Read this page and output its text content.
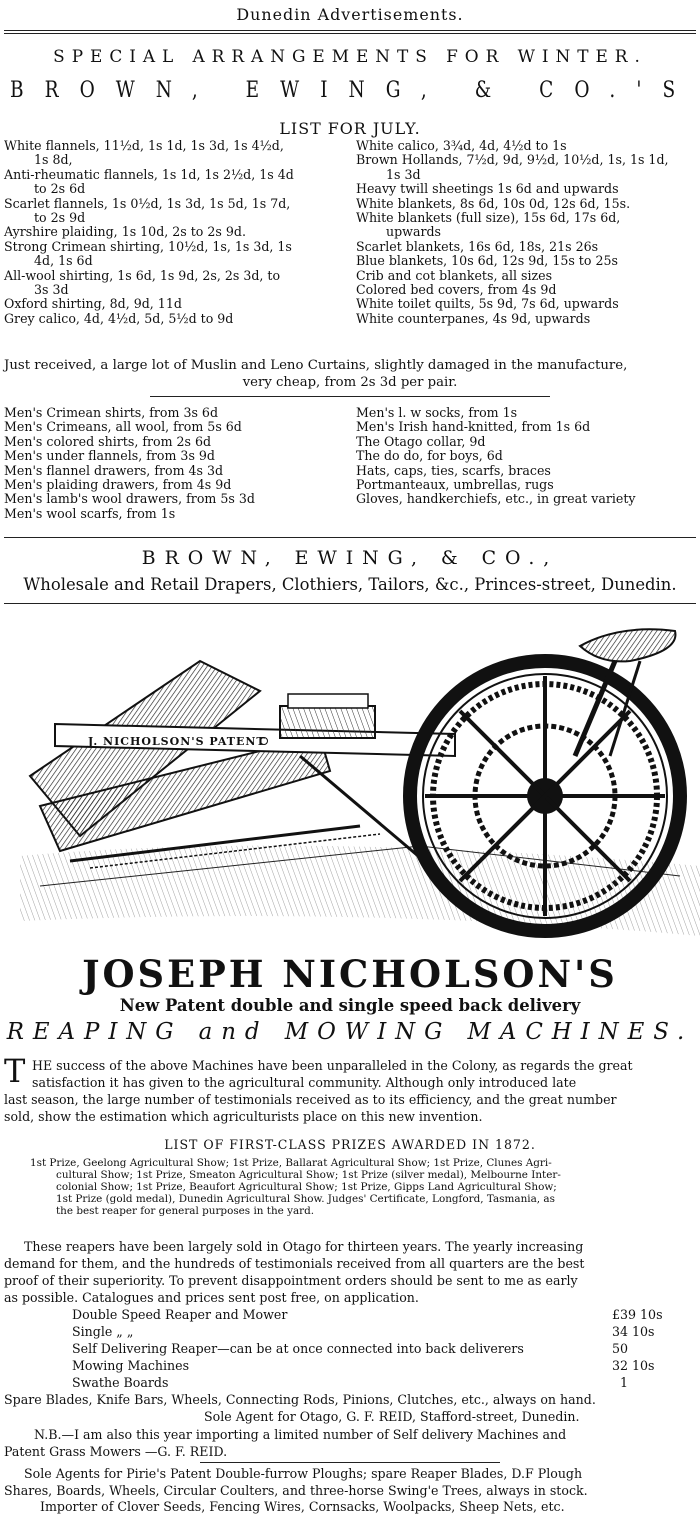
Dunedin Advertisements.
SPECIAL ARRANGEMENTS FOR WINTER.
BROWN, EWING, & CO.'S
LIST FOR JULY.
White flannels, 11½d, 1s 1d, 1s 3d, 1s 4½d,
1s 8d,
Anti-rheumatic flannels, 1s 1d, 1s 2½d, 1s 4d
to 2s 6d
Scarlet flannels, 1s 0½d, 1s 3d, 1s 5d, 1s 7d,
to 2s 9d
Ayrshire plaiding, 1s 10d, 2s to 2s 9d.
Strong Crimean shirting, 10½d, 1s, 1s 3d, 1s
4d, 1s 6d
All-wool shirting, 1s 6d, 1s 9d, 2s, 2s 3d, to
3s 3d
Oxford shirting, 8d, 9d, 11d
Grey calico, 4d, 4½d, 5d, 5½d to 9d
White calico, 3¾d, 4d, 4½d to 1s
Brown Hollands, 7½d, 9d, 9½d, 10½d, 1s, 1s 1d,
1s 3d
Heavy twill sheetings 1s 6d and upwards
White blankets, 8s 6d, 10s 0d, 12s 6d, 15s.
White blankets (full size), 15s 6d, 17s 6d,
upwards
Scarlet blankets, 16s 6d, 18s, 21s 26s
Blue blankets, 10s 6d, 12s 9d, 15s to 25s
Crib and cot blankets, all sizes
Colored bed covers, from 4s 9d
White toilet quilts, 5s 9d, 7s 6d, upwards
White counterpanes, 4s 9d, upwards
Just received, a large lot of Muslin and Leno Curtains, slightly damaged in the manufacture,
very cheap, from 2s 3d per pair.
Men's Crimean shirts, from 3s 6d
Men's Crimeans, all wool, from 5s 6d
Men's colored shirts, from 2s 6d
Men's under flannels, from 3s 9d
Men's flannel drawers, from 4s 3d
Men's plaiding drawers, from 4s 9d
Men's lamb's wool drawers, from 5s 3d
Men's wool scarfs, from 1s
Men's l. w socks, from 1s
Men's Irish hand-knitted, from 1s 6d
The Otago collar, 9d
The do do, for boys, 6d
Hats, caps, ties, scarfs, braces
Portmanteaux, umbrellas, rugs
Gloves, handkerchiefs, etc., in great variety
BROWN, EWING, & CO.,
Wholesale and Retail Drapers, Clothiers, Tailors, &c., Princes-street, Dunedin.
J. NICHOLSON'S PATENT
JOSEPH NICHOLSON'S
New Patent double and single speed back delivery
REAPING and MOWING MACHINES.
T HE success of the above Machines have been unparalleled in the Colony, as regards the great
satisfaction it has given to the agricultural community. Although only introduced late
last season, the large number of testimonials received as to its efficiency, and the great number
sold, show the estimation which agriculturists place on this new invention.
LIST OF FIRST-CLASS PRIZES AWARDED IN 1872.
1st Prize, Geelong Agricultural Show; 1st Prize, Ballarat Agricultural Show; 1st Prize, Clunes Agri-
cultural Show; 1st Prize, Smeaton Agricultural Show; 1st Prize (silver medal), Melbourne Inter-
colonial Show; 1st Prize, Beaufort Agricultural Show; 1st Prize, Gipps Land Agricultural Show;
1st Prize (gold medal), Dunedin Agricultural Show. Judges' Certificate, Longford, Tasmania, as
the best reaper for general purposes in the yard.
These reapers have been largely sold in Otago for thirteen years. The yearly increasing
demand for them, and the hundreds of testimonials received from all quarters are the best
proof of their superiority. To prevent disappointment orders should be sent to me as early
as possible. Catalogues and prices sent post free, on application.
Double Speed Reaper and Mower	£39 10s
Single „ „	34 10s
Self Delivering Reaper—can be at once connected into back deliverers	50
Mowing Machines	32 10s
Swathe Boards	1
Spare Blades, Knife Bars, Wheels, Connecting Rods, Pinions, Clutches, etc., always on hand.
Sole Agent for Otago, G. F. REID, Stafford-street, Dunedin.
N.B.—I am also this year importing a limited number of Self delivery Machines and
Patent Grass Mowers —G. F. REID.
Sole Agents for Pirie's Patent Double-furrow Ploughs; spare Reaper Blades, D.F Plough
Shares, Boards, Wheels, Circular Coulters, and three-horse Swing'e Trees, always in stock.
Importer of Clover Seeds, Fencing Wires, Cornsacks, Woolpacks, Sheep Nets, etc.
